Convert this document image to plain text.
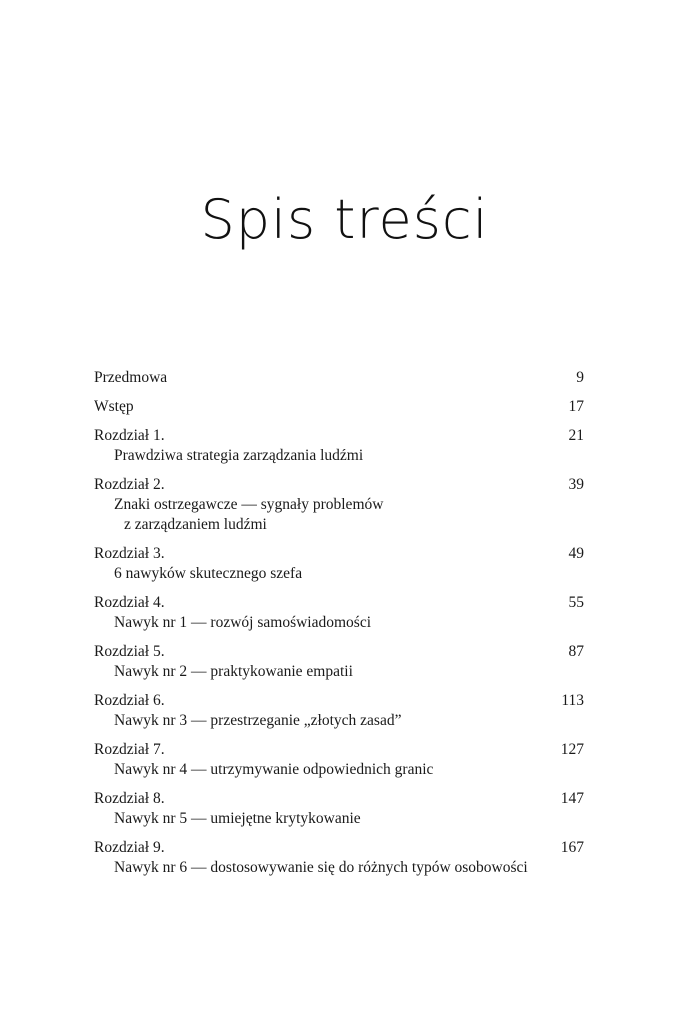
Spis treści
Przedmowa	9
Wstęp	17
Rozdział 1.	21
Prawdziwa strategia zarządzania ludźmi
Rozdział 2.	39
Znaki ostrzegawcze — sygnały problemów
z zarządzaniem ludźmi
Rozdział 3.	49
6 nawyków skutecznego szefa
Rozdział 4.	55
Nawyk nr 1 — rozwój samoświadomości
Rozdział 5.	87
Nawyk nr 2 — praktykowanie empatii
Rozdział 6.	113
Nawyk nr 3 — przestrzeganie „złotych zasad”
Rozdział 7.	127
Nawyk nr 4 — utrzymywanie odpowiednich granic
Rozdział 8.	147
Nawyk nr 5 — umiejętne krytykowanie
Rozdział 9.	167
Nawyk nr 6 — dostosowywanie się do różnych typów osobowości
